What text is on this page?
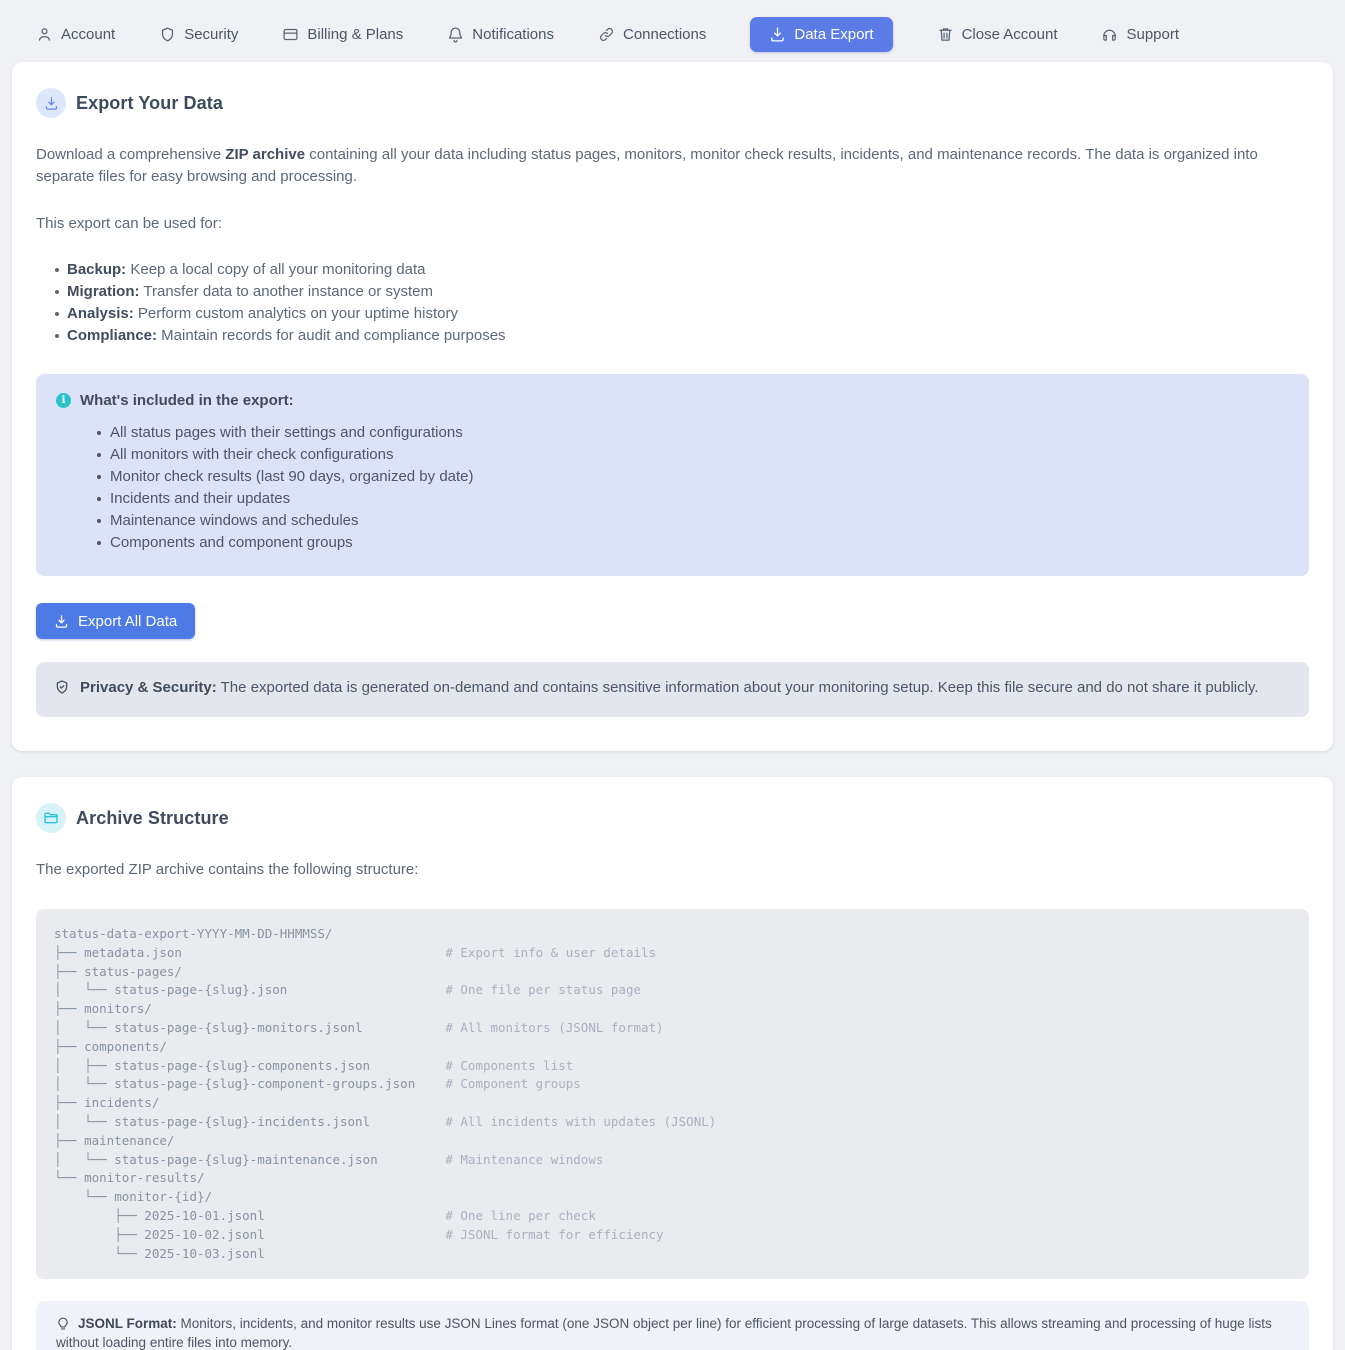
Account	Security	Billing & Plans	Notifications	Connections	Data Export	Close Account	Support
Export Your Data

Download a comprehensive ZIP archive containing all your data including status pages, monitors, monitor check results, incidents, and maintenance records. The data is organized into separate files for easy browsing and processing.

This export can be used for:

Backup: Keep a local copy of all your monitoring data
Migration: Transfer data to another instance or system
Analysis: Perform custom analytics on your uptime history
Compliance: Maintain records for audit and compliance purposes
i What's included in the export:
All status pages with their settings and configurations
All monitors with their check configurations
Monitor check results (last 90 days, organized by date)
Incidents and their updates
Maintenance windows and schedules
Components and component groups
Export All Data

Privacy & Security: The exported data is generated on-demand and contains sensitive information about your monitoring setup. Keep this file secure and do not share it publicly.

Archive Structure

The exported ZIP archive contains the following structure:

status-data-export-YYYY-MM-DD-HHMMSS/
├── metadata.json                                   # Export info & user details
├── status-pages/
│   └── status-page-{slug}.json                     # One file per status page
├── monitors/
│   └── status-page-{slug}-monitors.jsonl           # All monitors (JSONL format)
├── components/
│   ├── status-page-{slug}-components.json          # Components list
│   └── status-page-{slug}-component-groups.json    # Component groups
├── incidents/
│   └── status-page-{slug}-incidents.jsonl          # All incidents with updates (JSONL)
├── maintenance/
│   └── status-page-{slug}-maintenance.json         # Maintenance windows
└── monitor-results/
└── monitor-{id}/
├── 2025-10-01.jsonl                        # One line per check
├── 2025-10-02.jsonl                        # JSONL format for efficiency
└── 2025-10-03.jsonl

JSONL Format: Monitors, incidents, and monitor results use JSON Lines format (one JSON object per line) for efficient processing of large datasets. This allows streaming and processing of huge lists without loading entire files into memory.
